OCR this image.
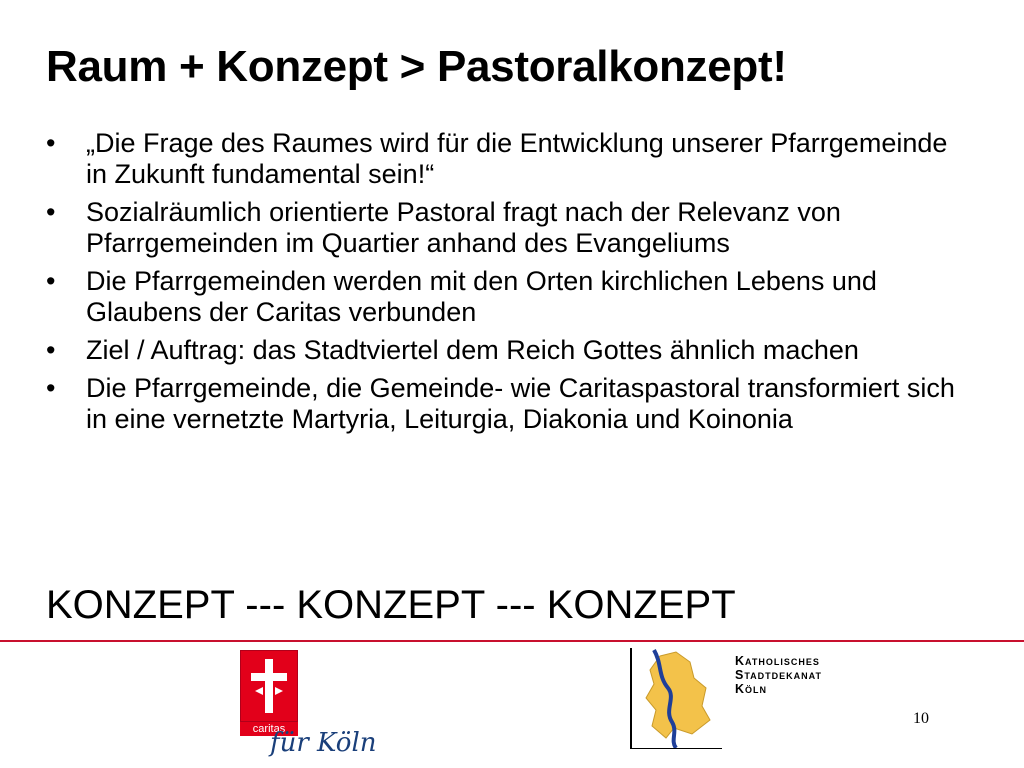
Raum + Konzept > Pastoralkonzept!
• „Die Frage des Raumes wird für die Entwicklung unserer Pfarrgemeinde in Zukunft fundamental sein!“
• Sozialräumlich orientierte Pastoral fragt nach der Relevanz von Pfarrgemeinden im Quartier anhand des Evangeliums
• Die Pfarrgemeinden werden mit den Orten kirchlichen Lebens und Glaubens der Caritas verbunden
• Ziel / Auftrag: das Stadtviertel dem Reich Gottes ähnlich machen
• Die Pfarrgemeinde, die Gemeinde- wie Caritaspastoral transformiert sich in eine vernetzte Martyria, Leiturgia, Diakonia und Koinonia
KONZEPT --- KONZEPT --- KONZEPT
caritas
für Köln
Katholisches
Stadtdekanat
Köln
10
